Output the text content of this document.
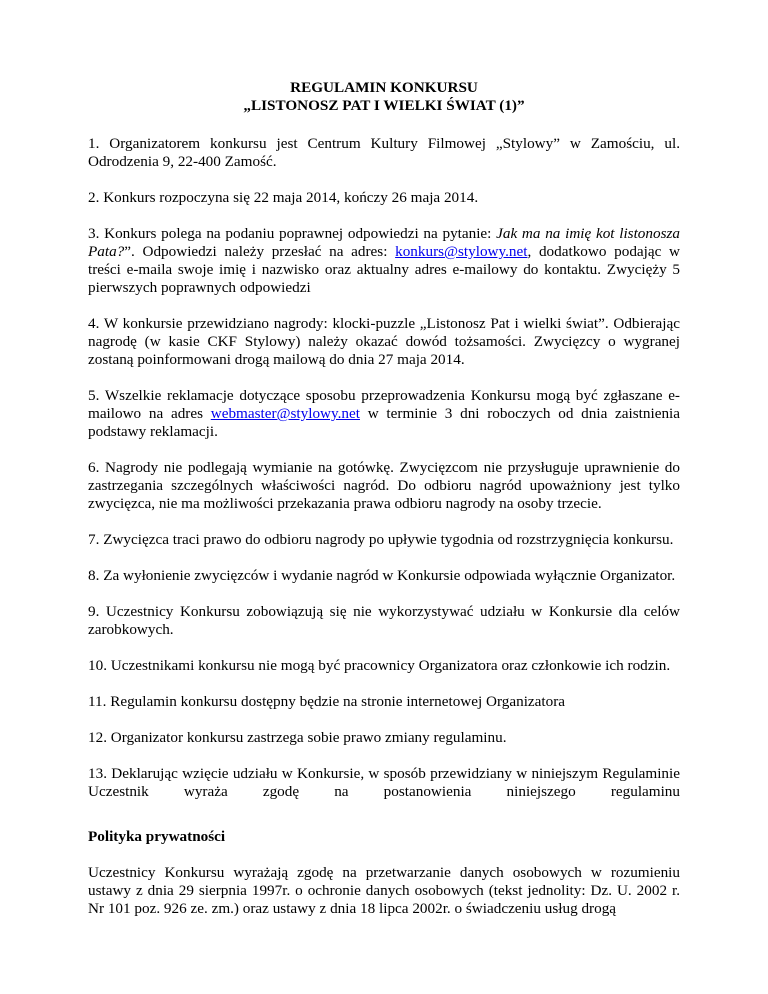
REGULAMIN KONKURSU

„LISTONOSZ PAT I WIELKI ŚWIAT (1)”

1. Organizatorem konkursu jest Centrum Kultury Filmowej „Stylowy” w Zamościu, ul. Odrodzenia 9, 22-400 Zamość.

2. Konkurs rozpoczyna się 22 maja 2014, kończy 26 maja 2014.

3. Konkurs polega na podaniu poprawnej odpowiedzi na pytanie: Jak ma na imię kot listonosza Pata?”. Odpowiedzi należy przesłać na adres: konkurs@stylowy.net, dodatkowo podając w treści e-maila swoje imię i nazwisko oraz aktualny adres e-mailowy do kontaktu. Zwycięży 5 pierwszych poprawnych odpowiedzi

4. W konkursie przewidziano nagrody: klocki-puzzle „Listonosz Pat i wielki świat”. Odbierając nagrodę (w kasie CKF Stylowy) należy okazać dowód tożsamości. Zwycięzcy o wygranej zostaną poinformowani drogą mailową do dnia 27 maja 2014.

5. Wszelkie reklamacje dotyczące sposobu przeprowadzenia Konkursu mogą być zgłaszane e-mailowo na adres webmaster@stylowy.net w terminie 3 dni roboczych od dnia zaistnienia podstawy reklamacji.

6. Nagrody nie podlegają wymianie na gotówkę. Zwycięzcom nie przysługuje uprawnienie do zastrzegania szczególnych właściwości nagród. Do odbioru nagród upoważniony jest tylko zwycięzca, nie ma możliwości przekazania prawa odbioru nagrody na osoby trzecie.

7. Zwycięzca traci prawo do odbioru nagrody po upływie tygodnia od rozstrzygnięcia konkursu.

8. Za wyłonienie zwycięzców i wydanie nagród w Konkursie odpowiada wyłącznie Organizator.

9. Uczestnicy Konkursu zobowiązują się nie wykorzystywać udziału w Konkursie dla celów zarobkowych.

10. Uczestnikami konkursu nie mogą być pracownicy Organizatora oraz członkowie ich rodzin.

11. Regulamin konkursu dostępny będzie na stronie internetowej Organizatora

12. Organizator konkursu zastrzega sobie prawo zmiany regulaminu.

13. Deklarując wzięcie udziału w Konkursie, w sposób przewidziany w niniejszym Regulaminie Uczestnik wyraża zgodę na postanowienia niniejszego regulaminu

Polityka prywatności

Uczestnicy Konkursu wyrażają zgodę na przetwarzanie danych osobowych w rozumieniu ustawy z dnia 29 sierpnia 1997r. o ochronie danych osobowych (tekst jednolity: Dz. U. 2002 r. Nr 101 poz. 926 ze. zm.) oraz ustawy z dnia 18 lipca 2002r. o świadczeniu usług drogą
